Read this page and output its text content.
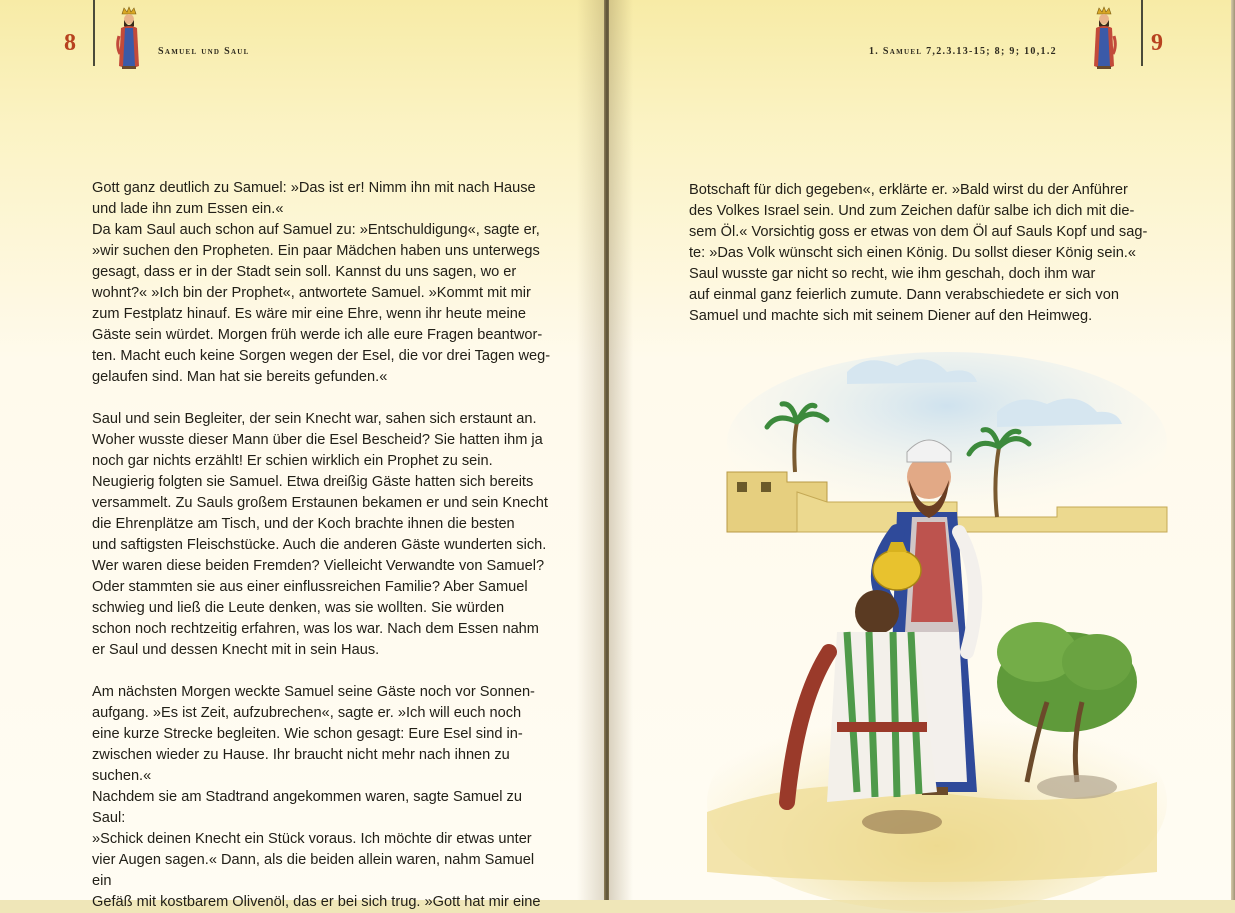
8	Samuel und Saul

Gott ganz deutlich zu Samuel: »Das ist er! Nimm ihn mit nach Hause
und lade ihn zum Essen ein.«
Da kam Saul auch schon auf Samuel zu: »Entschuldigung«, sagte er,
»wir suchen den Propheten. Ein paar Mädchen haben uns unterwegs
gesagt, dass er in der Stadt sein soll. Kannst du uns sagen, wo er
wohnt?« »Ich bin der Prophet«, antwortete Samuel. »Kommt mit mir
zum Festplatz hinauf. Es wäre mir eine Ehre, wenn ihr heute meine
Gäste sein würdet. Morgen früh werde ich alle eure Fragen beantwor-
ten. Macht euch keine Sorgen wegen der Esel, die vor drei Tagen weg-
gelaufen sind. Man hat sie bereits gefunden.«

Saul und sein Begleiter, der sein Knecht war, sahen sich erstaunt an.
Woher wusste dieser Mann über die Esel Bescheid? Sie hatten ihm ja
noch gar nichts erzählt! Er schien wirklich ein Prophet zu sein.
Neugierig folgten sie Samuel. Etwa dreißig Gäste hatten sich bereits
versammelt. Zu Sauls großem Erstaunen bekamen er und sein Knecht
die Ehrenplätze am Tisch, und der Koch brachte ihnen die besten
und saftigsten Fleischstücke. Auch die anderen Gäste wunderten sich.
Wer waren diese beiden Fremden? Vielleicht Verwandte von Samuel?
Oder stammten sie aus einer einflussreichen Familie? Aber Samuel
schwieg und ließ die Leute denken, was sie wollten. Sie würden
schon noch rechtzeitig erfahren, was los war. Nach dem Essen nahm
er Saul und dessen Knecht mit in sein Haus.

Am nächsten Morgen weckte Samuel seine Gäste noch vor Sonnen-
aufgang. »Es ist Zeit, aufzubrechen«, sagte er. »Ich will euch noch
eine kurze Strecke begleiten. Wie schon gesagt: Eure Esel sind in-
zwischen wieder zu Hause. Ihr braucht nicht mehr nach ihnen zu
suchen.«
Nachdem sie am Stadtrand angekommen waren, sagte Samuel zu Saul:
»Schick deinen Knecht ein Stück voraus. Ich möchte dir etwas unter
vier Augen sagen.« Dann, als die beiden allein waren, nahm Samuel ein
Gefäß mit kostbarem Olivenöl, das er bei sich trug. »Gott hat mir eine

1. Samuel 7,2.3.13-15; 8; 9; 10,1.2	9

Botschaft für dich gegeben«, erklärte er. »Bald wirst du der Anführer
des Volkes Israel sein. Und zum Zeichen dafür salbe ich dich mit die-
sem Öl.« Vorsichtig goss er etwas von dem Öl auf Sauls Kopf und sag-
te: »Das Volk wünscht sich einen König. Du sollst dieser König sein.«
Saul wusste gar nicht so recht, wie ihm geschah, doch ihm war
auf einmal ganz feierlich zumute. Dann verabschiedete er sich von
Samuel und machte sich mit seinem Diener auf den Heimweg.
